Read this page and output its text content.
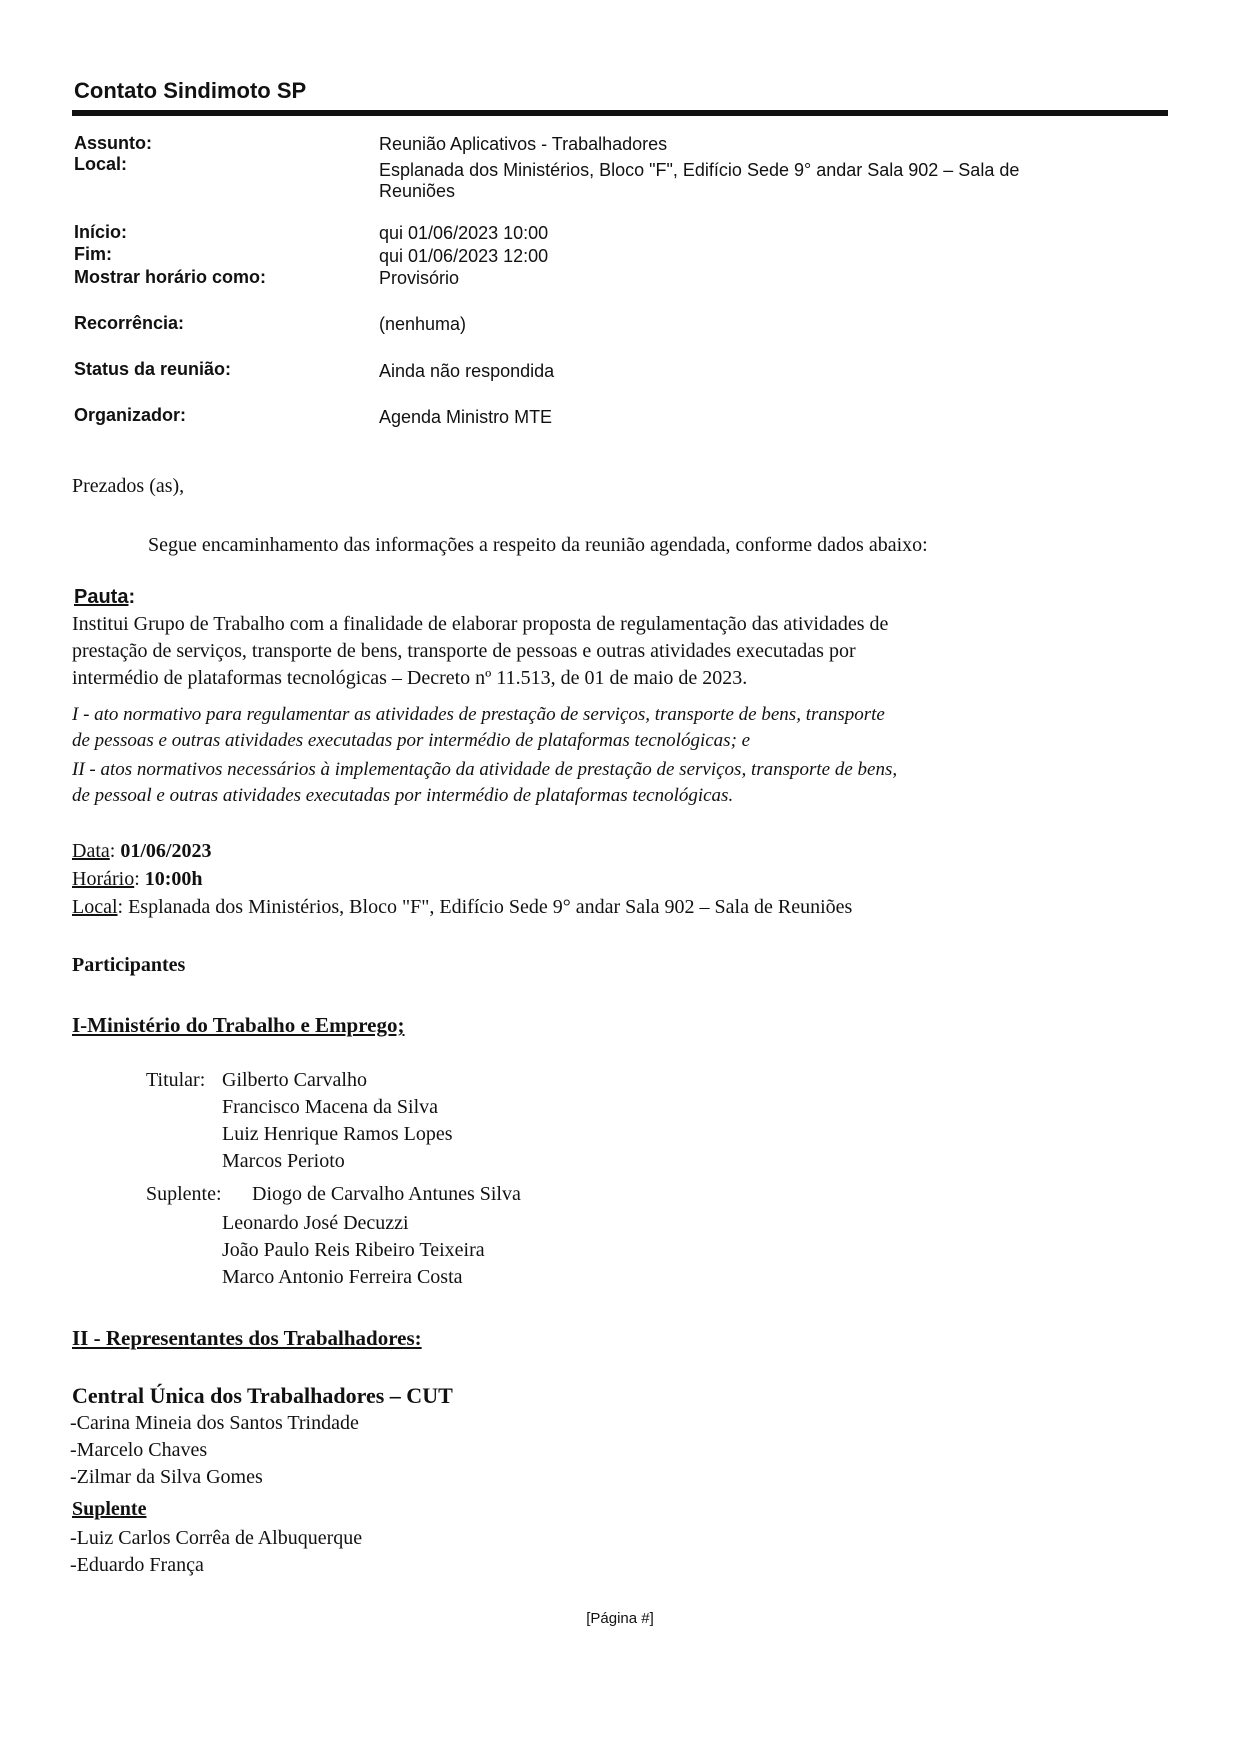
Contato Sindimoto SP
Assunto:	Reunião Aplicativos - Trabalhadores
Local:	Esplanada dos Ministérios, Bloco "F", Edifício Sede 9° andar Sala 902 – Sala de
Reuniões
Início:	qui 01/06/2023 10:00
Fim:	qui 01/06/2023 12:00
Mostrar horário como:	Provisório
Recorrência:	(nenhuma)
Status da reunião:	Ainda não respondida
Organizador:	Agenda Ministro MTE
Prezados (as),
Segue encaminhamento das informações a respeito da reunião agendada, conforme dados abaixo:
Pauta:
Institui Grupo de Trabalho com a finalidade de elaborar proposta de regulamentação das atividades de
prestação de serviços, transporte de bens, transporte de pessoas e outras atividades executadas por
intermédio de plataformas tecnológicas – Decreto nº 11.513, de 01 de maio de 2023.
I - ato normativo para regulamentar as atividades de prestação de serviços, transporte de bens, transporte
de pessoas e outras atividades executadas por intermédio de plataformas tecnológicas; e
II - atos normativos necessários à implementação da atividade de prestação de serviços, transporte de bens,
de pessoal e outras atividades executadas por intermédio de plataformas tecnológicas.
Data: 01/06/2023
Horário: 10:00h
Local: Esplanada dos Ministérios, Bloco "F", Edifício Sede 9° andar Sala 902 – Sala de Reuniões
Participantes
I-Ministério do Trabalho e Emprego;
Titular: Gilberto Carvalho
Francisco Macena da Silva
Luiz Henrique Ramos Lopes
Marcos Perioto
Suplente: Diogo de Carvalho Antunes Silva
Leonardo José Decuzzi
João Paulo Reis Ribeiro Teixeira
Marco Antonio Ferreira Costa
II - Representantes dos Trabalhadores:
Central Única dos Trabalhadores – CUT
-Carina Mineia dos Santos Trindade
-Marcelo Chaves
-Zilmar da Silva Gomes
Suplente
-Luiz Carlos Corrêa de Albuquerque
-Eduardo França
[Página #]
